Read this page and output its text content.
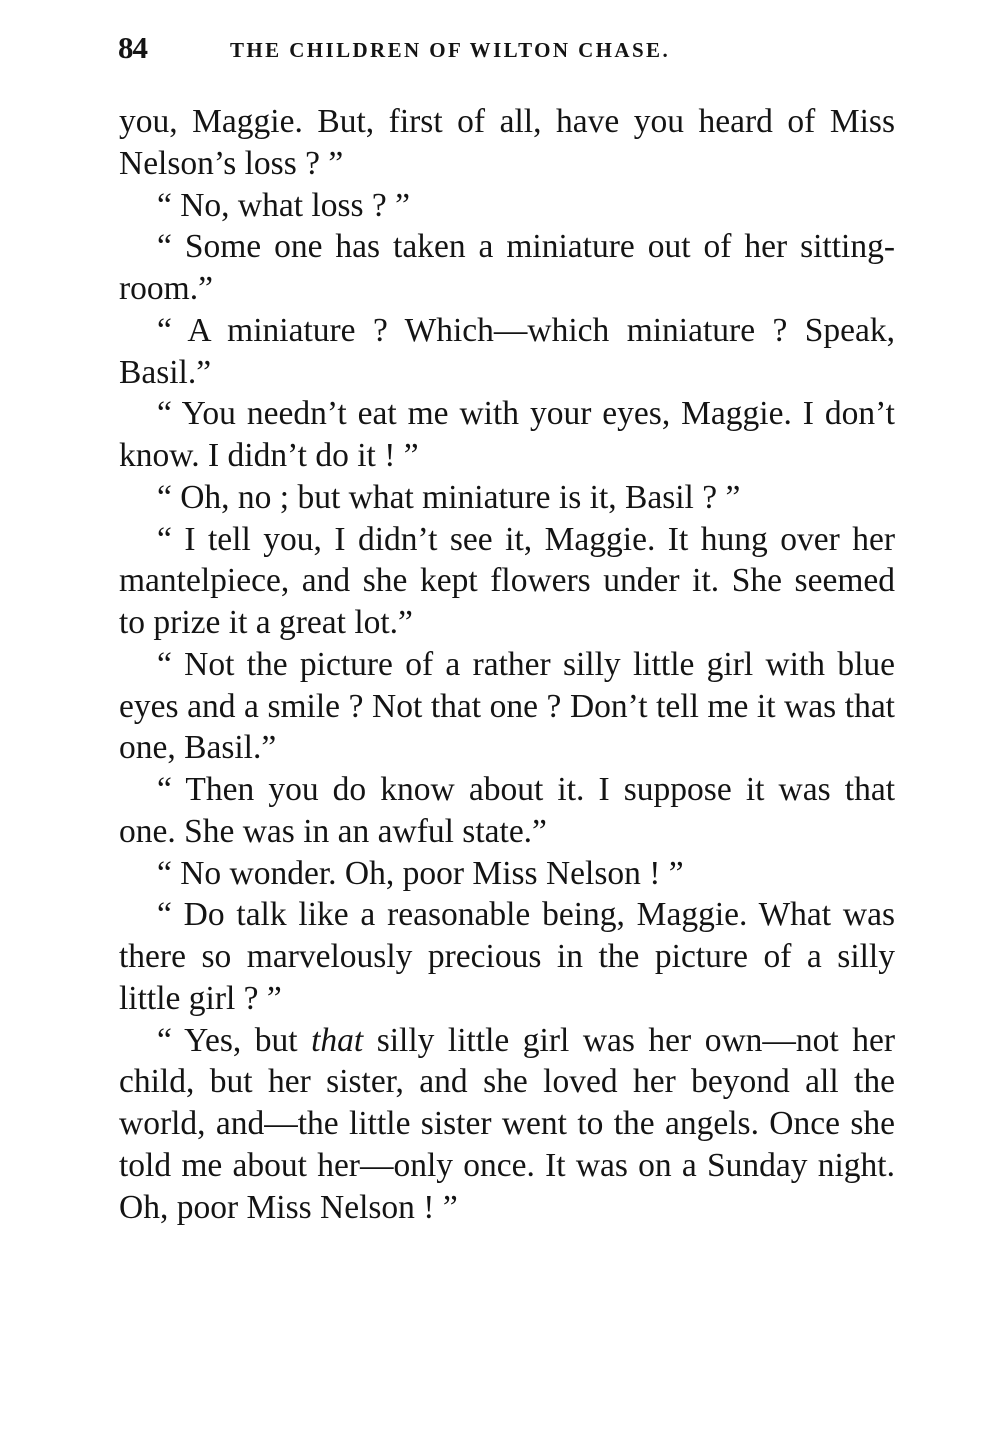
84	THE CHILDREN OF WILTON CHASE.

you, Maggie. But, first of all, have you heard of Miss Nelson’s loss ? ”

“ No, what loss ? ”

“ Some one has taken a miniature out of her sitting-room.”

“ A miniature ? Which—which miniature ? Speak, Basil.”

“ You needn’t eat me with your eyes, Maggie. I don’t know. I didn’t do it ! ”

“ Oh, no ; but what miniature is it, Basil ? ”

“ I tell you, I didn’t see it, Maggie. It hung over her mantelpiece, and she kept flowers under it. She seemed to prize it a great lot.”

“ Not the picture of a rather silly little girl with blue eyes and a smile ? Not that one ? Don’t tell me it was that one, Basil.”

“ Then you do know about it. I suppose it was that one. She was in an awful state.”

“ No wonder. Oh, poor Miss Nelson ! ”

“ Do talk like a reasonable being, Maggie. What was there so marvelously precious in the picture of a silly little girl ? ”

“ Yes, but that silly little girl was her own—not her child, but her sister, and she loved her beyond all the world, and—the little sister went to the angels. Once she told me about her—only once. It was on a Sunday night. Oh, poor Miss Nelson ! ”
